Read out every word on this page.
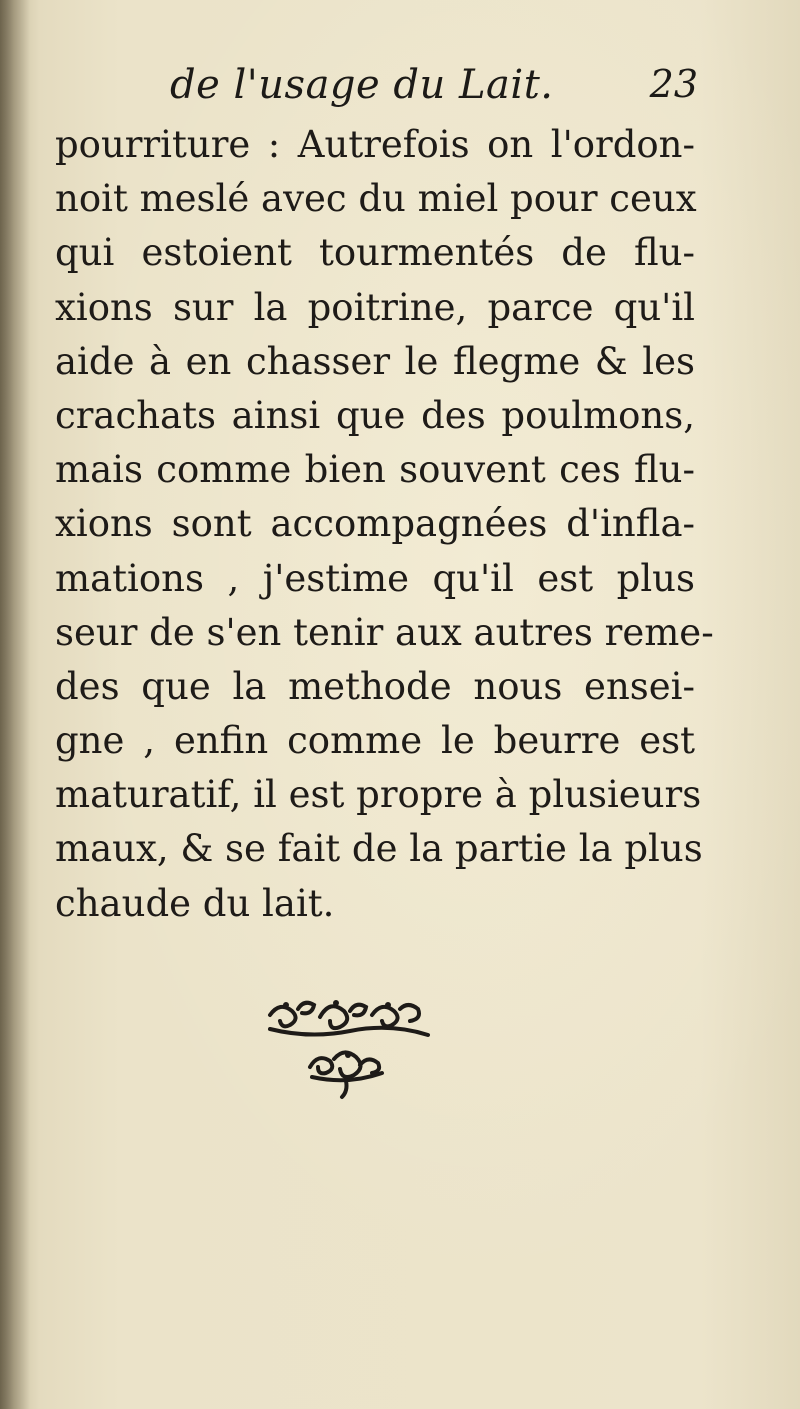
de l'usage du Lait.	23
pourriture : Autrefois on l'ordon-
noit meslé avec du miel pour ceux
qui estoient tourmentés de flu-
xions sur la poitrine, parce qu'il
aide à en chasser le flegme & les
crachats ainsi que des poulmons,
mais comme bien souvent ces flu-
xions sont accompagnées d'infla-
mations , j'estime qu'il est plus
seur de s'en tenir aux autres reme-
des que la methode nous ensei-
gne , enfin comme le beurre est
maturatif, il est propre à plusieurs
maux, & se fait de la partie la plus
chaude du lait.
